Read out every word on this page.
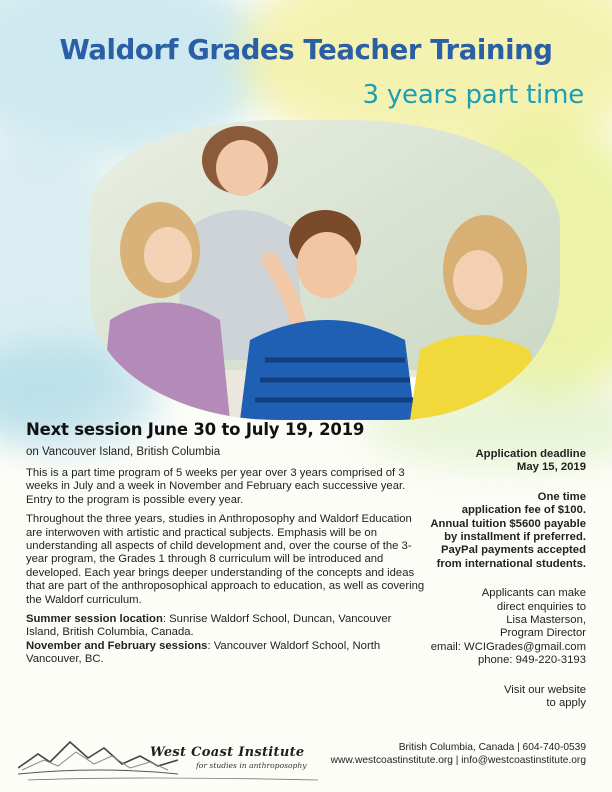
Waldorf Grades Teacher Training
3 years part time
Next session June 30 to July 19, 2019
on Vancouver Island, British Columbia

This is a part time program of 5 weeks per year over 3 years comprised of 3 weeks in July and a week in November and February each successive year. Entry to the program is possible every year.

Throughout the three years, studies in Anthroposophy and Waldorf Education are interwoven with artistic and practical subjects. Emphasis will be on understanding all aspects of child development and, over the course of the 3-year program, the Grades 1 through 8 curriculum will be introduced and developed. Each year brings deeper understanding of the concepts and ideas that are part of the anthroposophical approach to education, as well as covering the Waldorf curriculum.

Summer session location: Sunrise Waldorf School, Duncan, Vancouver Island, British Columbia, Canada.

November and February sessions: Vancouver Waldorf School, North Vancouver, BC.

Application deadline
May 15, 2019
One time
application fee of $100.
Annual tuition $5600 payable
by installment if preferred.
PayPal payments accepted
from international students.
Applicants can make
direct enquiries to
Lisa Masterson,
Program Director
email: WCIGrades@gmail.com
phone: 949-220-3193
Visit our website
to apply
West Coast Institute
for studies in anthroposophy
British Columbia, Canada | 604-740-0539
www.westcoastinstitute.org | info@westcoastinstitute.org
